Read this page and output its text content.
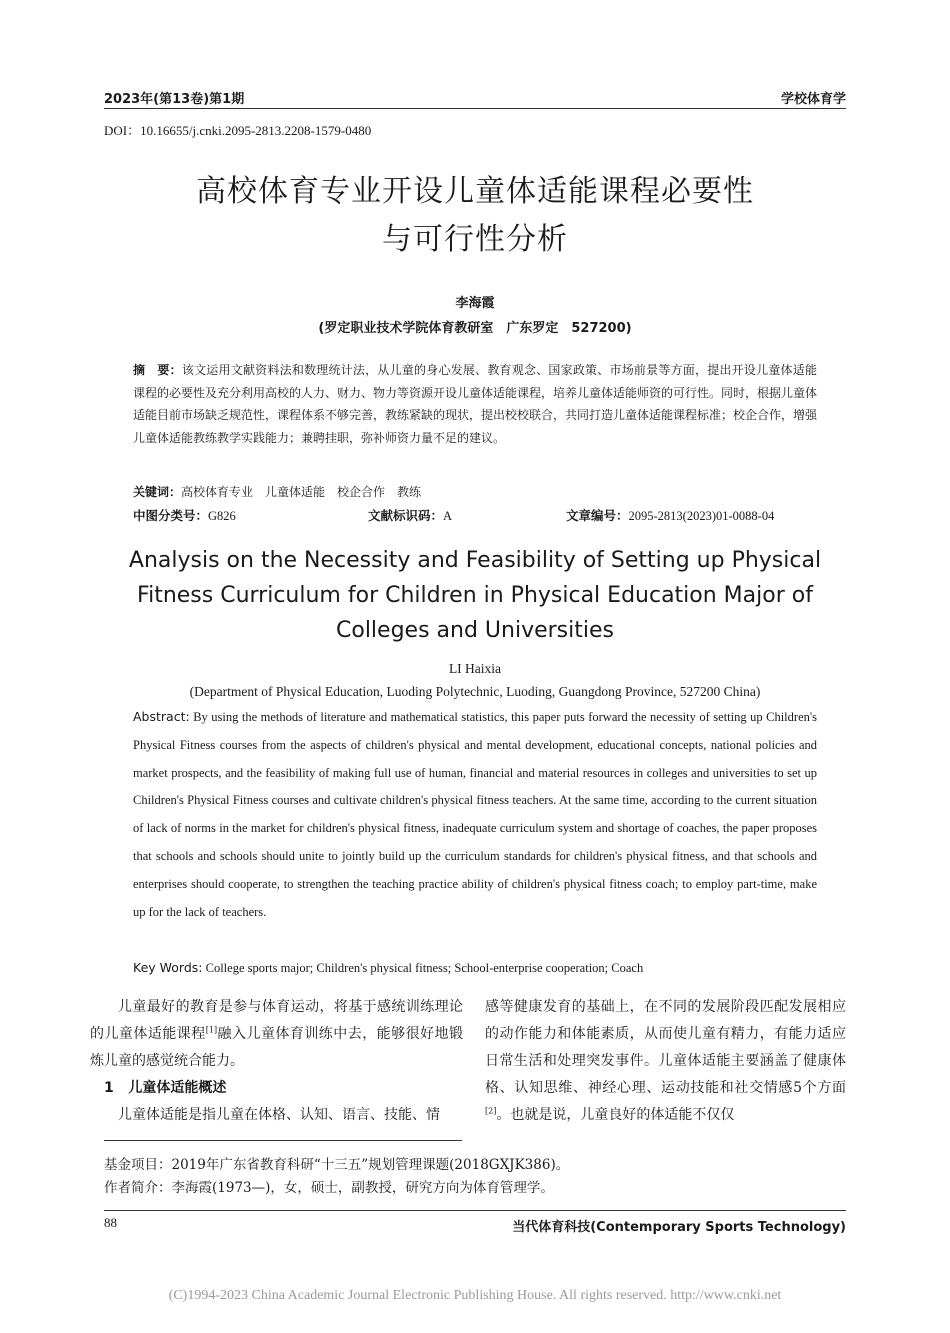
2023年(第13卷)第1期	学校体育学
DOI：10.16655/j.cnki.2095-2813.2208-1579-0480
高校体育专业开设儿童体适能课程必要性
与可行性分析
李海霞
(罗定职业技术学院体育教研室　广东罗定　527200)
摘　要：该文运用文献资料法和数理统计法，从儿童的身心发展、教育观念、国家政策、市场前景等方面，提出开设儿童体适能课程的必要性及充分利用高校的人力、财力、物力等资源开设儿童体适能课程，培养儿童体适能师资的可行性。同时，根据儿童体适能目前市场缺乏规范性，课程体系不够完善，教练紧缺的现状，提出校校联合，共同打造儿童体适能课程标准；校企合作，增强儿童体适能教练教学实践能力；兼聘挂职，弥补师资力量不足的建议。
关键词：高校体育专业　儿童体适能　校企合作　教练
中图分类号：G826	文献标识码：A	文章编号：2095-2813(2023)01-0088-04
Analysis on the Necessity and Feasibility of Setting up Physical
Fitness Curriculum for Children in Physical Education Major of
Colleges and Universities
LI Haixia
(Department of Physical Education, Luoding Polytechnic, Luoding, Guangdong Province, 527200 China)
Abstract: By using the methods of literature and mathematical statistics, this paper puts forward the necessity of setting up Children's Physical Fitness courses from the aspects of children's physical and mental development, educational concepts, national policies and market prospects, and the feasibility of making full use of human, financial and material resources in colleges and universities to set up Children's Physical Fitness courses and cultivate children's physical fitness teachers. At the same time, according to the current situation of lack of norms in the market for children's physical fitness, inadequate curriculum system and shortage of coaches, the paper proposes that schools and schools should unite to jointly build up the curriculum standards for children's physical fitness, and that schools and enterprises should cooperate, to strengthen the teaching practice ability of children's physical fitness coach; to employ part-time, make up for the lack of teachers.
Key Words: College sports major; Children's physical fitness; School-enterprise cooperation; Coach

儿童最好的教育是参与体育运动，将基于感统训练理论的儿童体适能课程[1]融入儿童体育训练中去，能够很好地锻炼儿童的感觉统合能力。

1 儿童体适能概述

儿童体适能是指儿童在体格、认知、语言、技能、情

感等健康发育的基础上，在不同的发展阶段匹配发展相应的动作能力和体能素质，从而使儿童有精力，有能力适应日常生活和处理突发事件。儿童体适能主要涵盖了健康体格、认知思维、神经心理、运动技能和社交情感5个方面[2]。也就是说，儿童良好的体适能不仅仅

基金项目：2019年广东省教育科研“十三五”规划管理课题(2018GXJK386)。
作者简介：李海霞(1973—)，女，硕士，副教授，研究方向为体育管理学。
88	当代体育科技(Contemporary Sports Technology)
(C)1994-2023 China Academic Journal Electronic Publishing House. All rights reserved. http://www.cnki.net
